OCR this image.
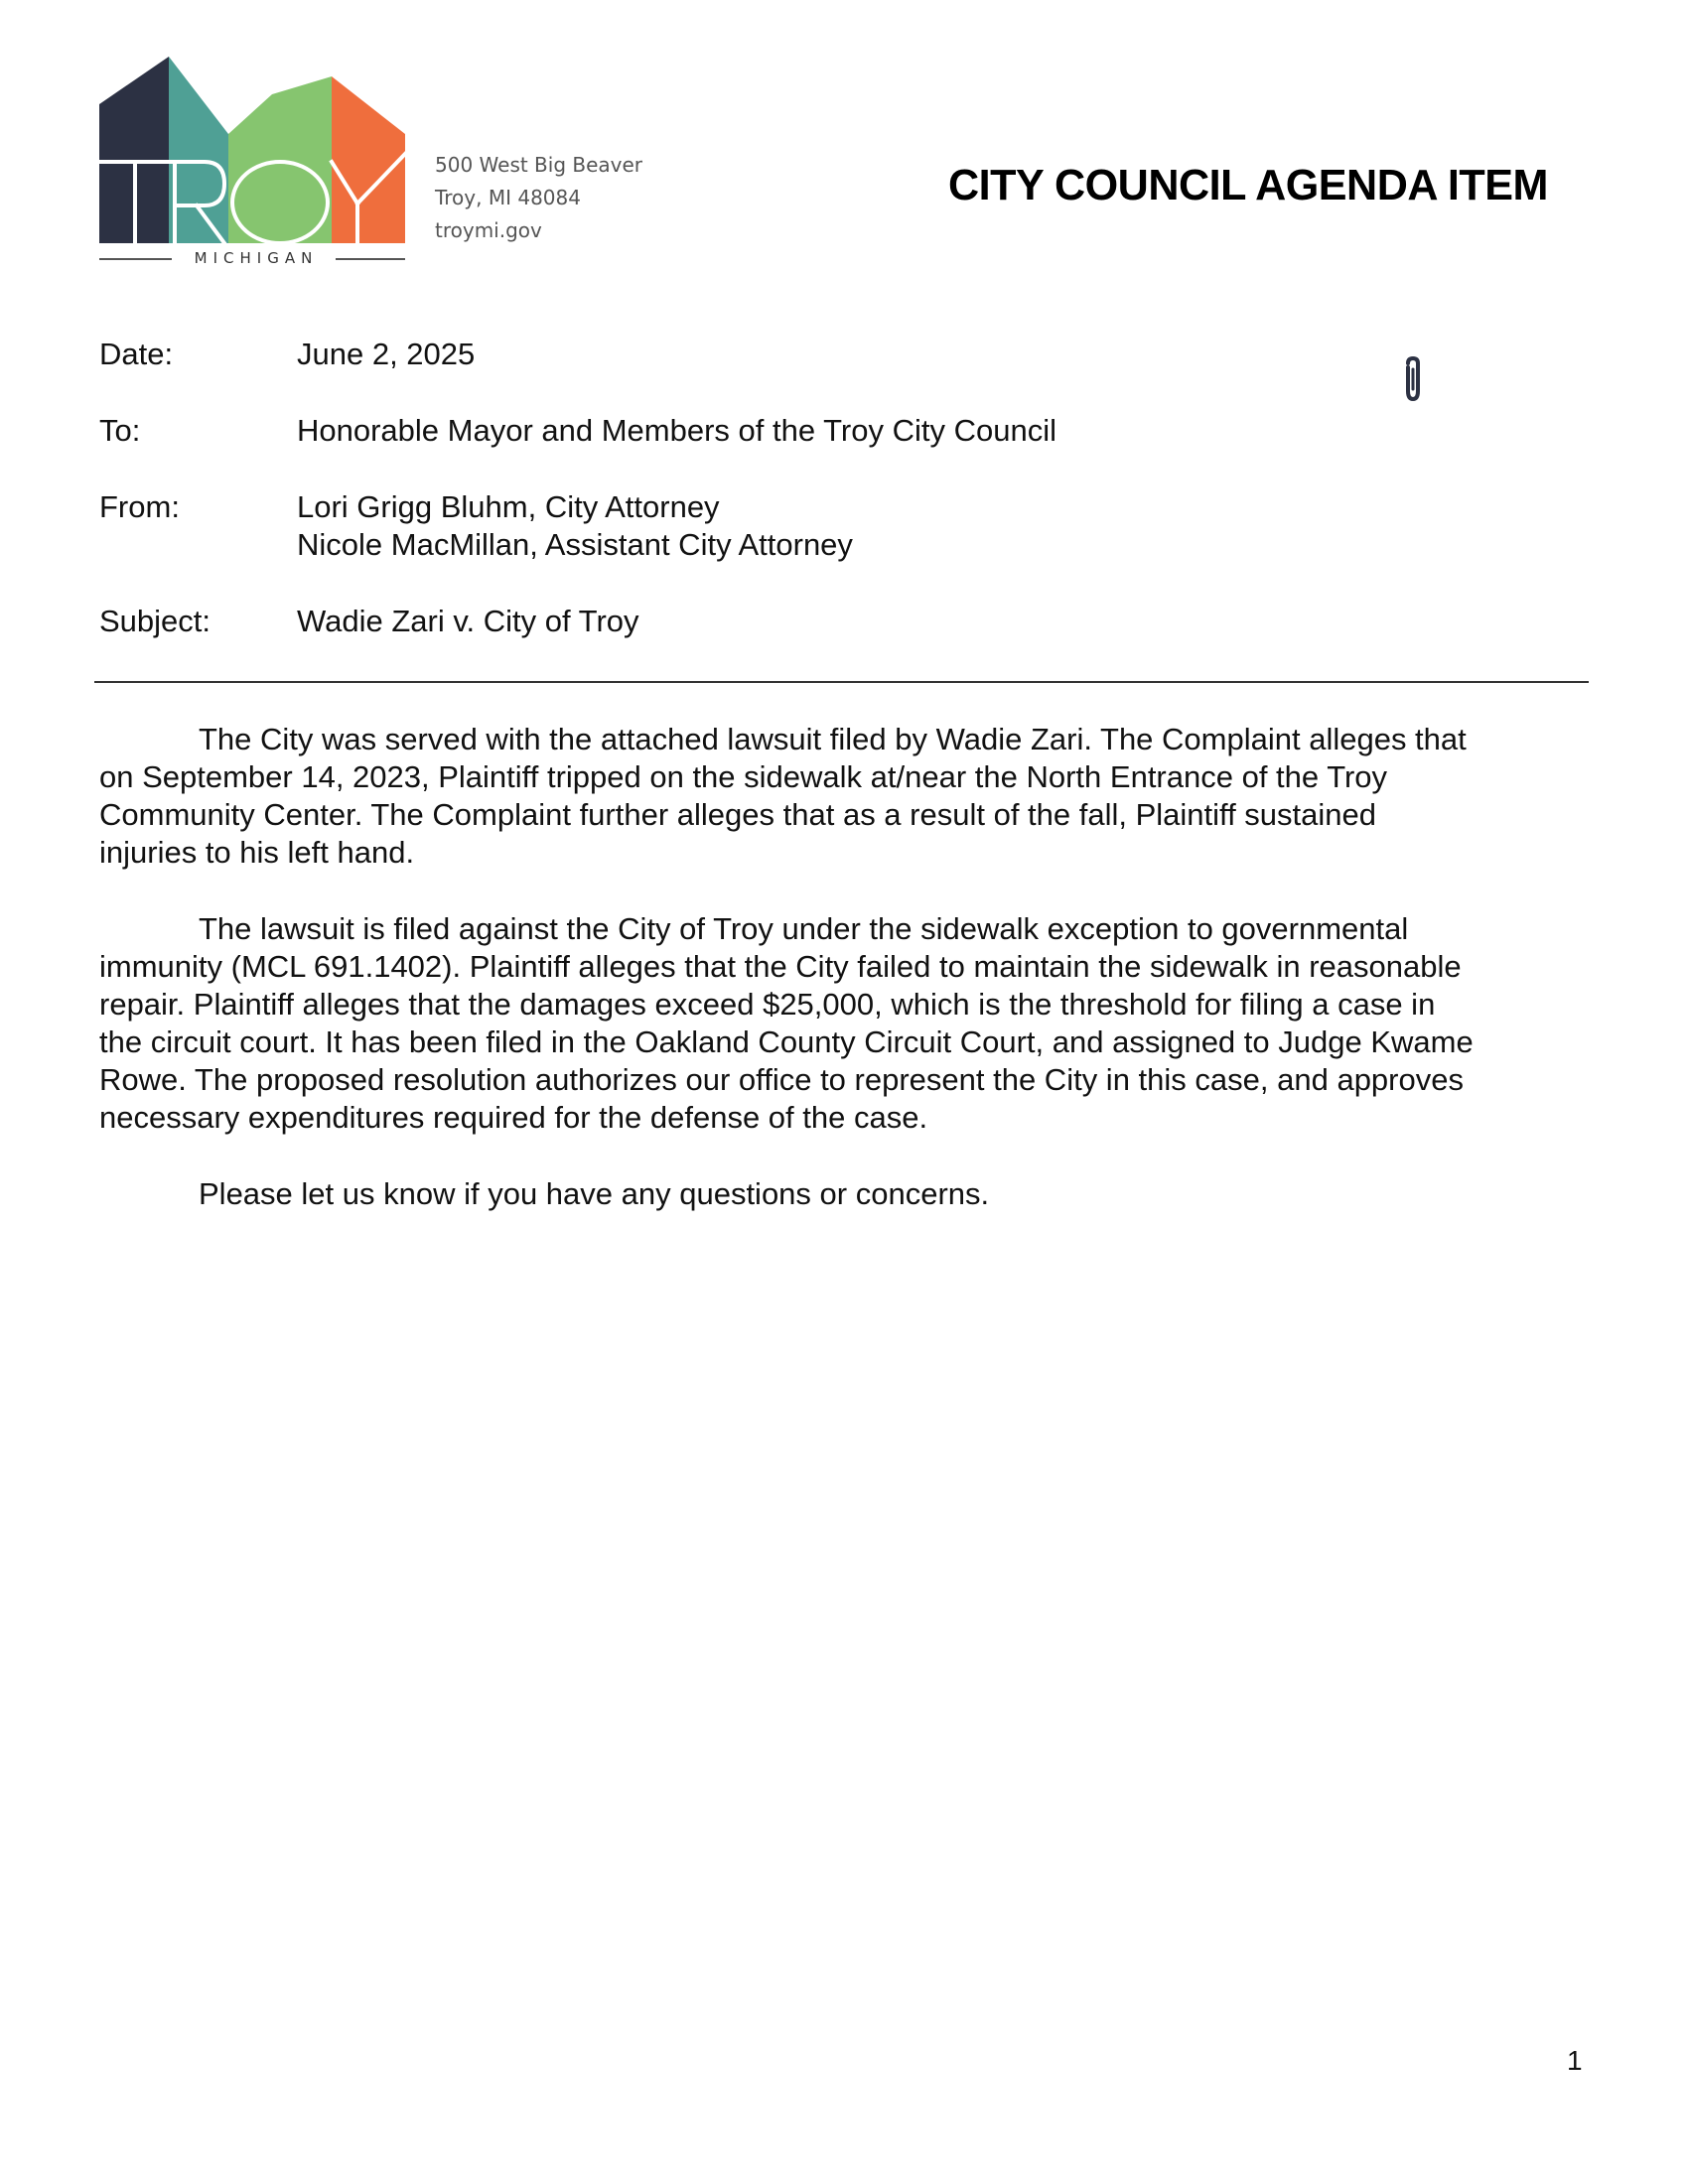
MICHIGAN
500 West Big Beaver
Troy, MI 48084
troymi.gov
CITY COUNCIL AGENDA ITEM
Date:	June 2, 2025
To:	Honorable Mayor and Members of the Troy City Council
From:	Lori Grigg Bluhm, City Attorney
Nicole MacMillan, Assistant City Attorney
Subject:	Wadie Zari v. City of Troy
The City was served with the attached lawsuit filed by Wadie Zari. The Complaint alleges that
on September 14, 2023, Plaintiff tripped on the sidewalk at/near the North Entrance of the Troy
Community Center. The Complaint further alleges that as a result of the fall, Plaintiff sustained
injuries to his left hand.
The lawsuit is filed against the City of Troy under the sidewalk exception to governmental
immunity (MCL 691.1402). Plaintiff alleges that the City failed to maintain the sidewalk in reasonable
repair. Plaintiff alleges that the damages exceed $25,000, which is the threshold for filing a case in
the circuit court. It has been filed in the Oakland County Circuit Court, and assigned to Judge Kwame
Rowe. The proposed resolution authorizes our office to represent the City in this case, and approves
necessary expenditures required for the defense of the case.
Please let us know if you have any questions or concerns.
1
